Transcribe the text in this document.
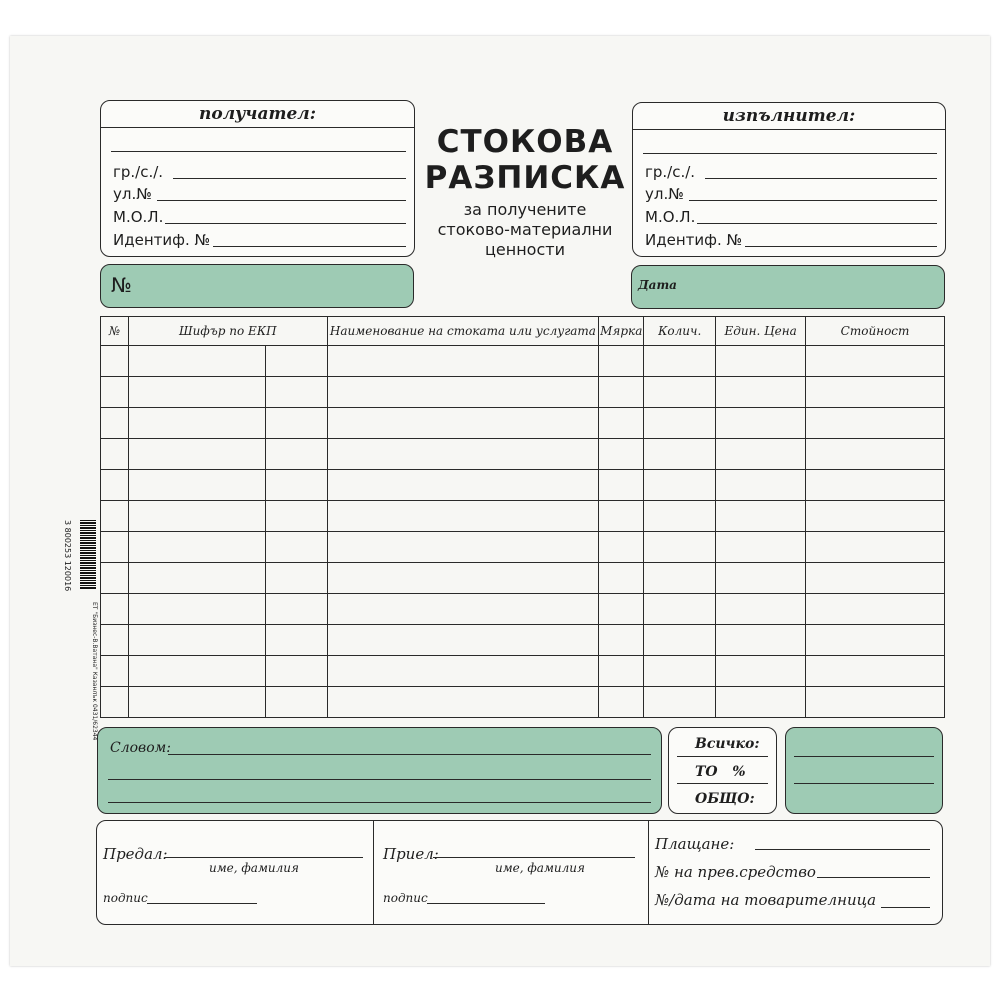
получател:
гр./с./.
ул.№
М.О.Л.
Идентиф. №
СТОКОВА
РАЗПИСКА
за получените
стоково-материални
ценности
изпълнител:
гр./с./.
ул.№
М.О.Л.
Идентиф. №
№	Дата
№	Шифър по ЕКП		Наименование на стоката или услугата	Мярка	Колич.	Един. Цена	Стойност

Словом:	Всичко:
ТО   %
ОБЩО:
Предал:
име, фамилия
подпис
Приел:
име, фамилия
подпис
Плащане:
№ на прев.средство
№/дата на товарителница
3 800253 120016
ЕТ "Бизнес-В.Ватана" Казанлък 0431/62344
